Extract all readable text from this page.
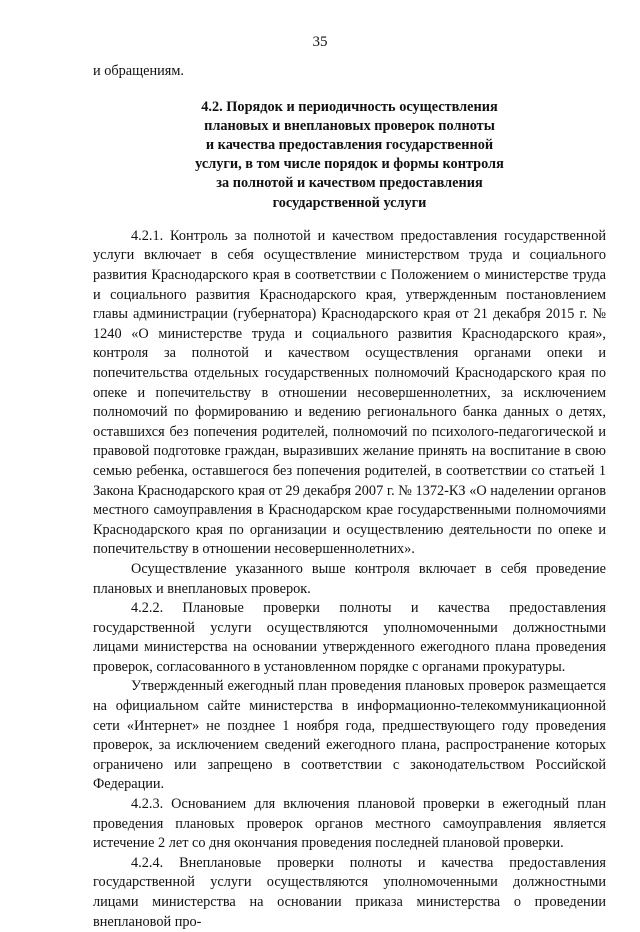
35

и обращениям.

4.2. Порядок и периодичность осуществления
плановых и внеплановых проверок полноты
и качества предоставления государственной
услуги, в том числе порядок и формы контроля
за полнотой и качеством предоставления
государственной услуги

4.2.1. Контроль за полнотой и качеством предоставления государственной услуги включает в себя осуществление министерством труда и социального развития Краснодарского края в соответствии с Положением о министерстве труда и социального развития Краснодарского края, утвержденным постановлением главы администрации (губернатора) Краснодарского края от 21 декабря 2015 г. № 1240 «О министерстве труда и социального развития Краснодарского края», контроля за полнотой и качеством осуществления органами опеки и попечительства отдельных государственных полномочий Краснодарского края по опеке и попечительству в отношении несовершеннолетних, за исключением полномочий по формированию и ведению регионального банка данных о детях, оставшихся без попечения родителей, полномочий по психолого-педагогической и правовой подготовке граждан, выразивших желание принять на воспитание в свою семью ребенка, оставшегося без попечения родителей, в соответствии со статьей 1 Закона Краснодарского края от 29 декабря 2007 г. № 1372-КЗ «О наделении органов местного самоуправления в Краснодарском крае государственными полномочиями Краснодарского края по организации и осуществлению деятельности по опеке и попечительству в отношении несовершеннолетних».

Осуществление указанного выше контроля включает в себя проведение плановых и внеплановых проверок.

4.2.2. Плановые проверки полноты и качества предоставления государственной услуги осуществляются уполномоченными должностными лицами министерства на основании утвержденного ежегодного плана проведения проверок, согласованного в установленном порядке с органами прокуратуры.

Утвержденный ежегодный план проведения плановых проверок размещается на официальном сайте министерства в информационно-телекоммуникационной сети «Интернет» не позднее 1 ноября года, предшествующего году проведения проверок, за исключением сведений ежегодного плана, распространение которых ограничено или запрещено в соответствии с законодательством Российской Федерации.

4.2.3. Основанием для включения плановой проверки в ежегодный план проведения плановых проверок органов местного самоуправления является истечение 2 лет со дня окончания проведения последней плановой проверки.

4.2.4. Внеплановые проверки полноты и качества предоставления государственной услуги осуществляются уполномоченными должностными лицами министерства на основании приказа министерства о проведении внеплановой про-
